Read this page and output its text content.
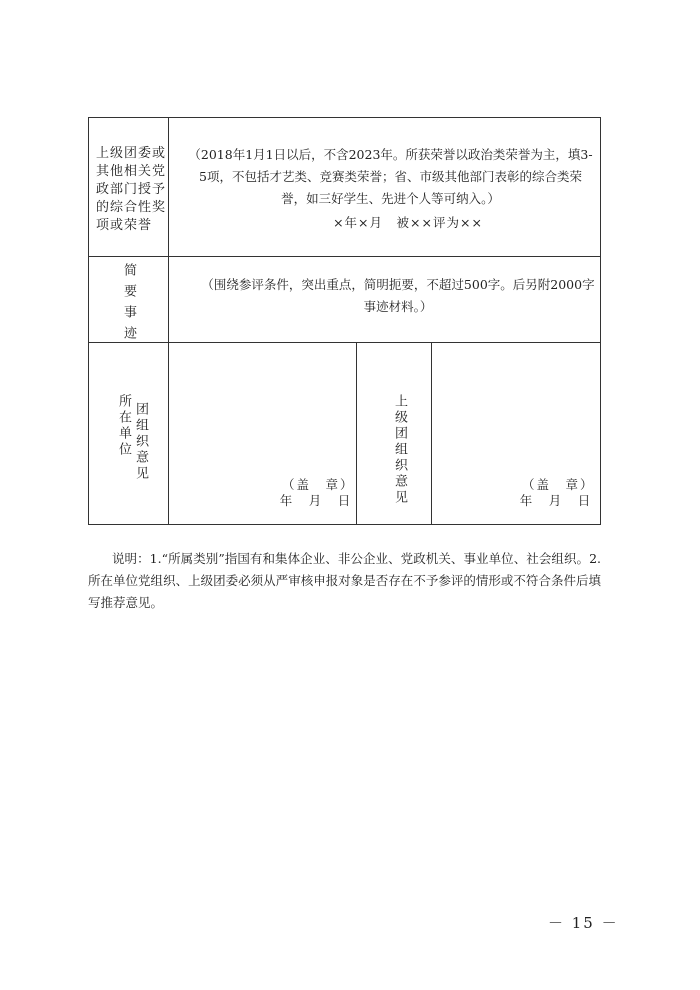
上级团委或其他相关党政部门授予的综合性奖项或荣誉
（2018年1月1日以后，不含2023年。所获荣誉以政治类荣誉为主，填3-5项，不包括才艺类、竞赛类荣誉；省、市级其他部门表彰的综合类荣誉，如三好学生、先进个人等可纳入。）
×年×月　被××评为××
简要事迹	（围绕参评条件，突出重点，简明扼要，不超过500字。后另附2000字事迹材料。）
所在单位 团组织意见	上级团组织意见
（盖　章）
年　月　日
（盖　章）
年　月　日
说明：1.“所属类别”指国有和集体企业、非公企业、党政机关、事业单位、社会组织。2.所在单位党组织、上级团委必须从严审核申报对象是否存在不予参评的情形或不符合条件后填写推荐意见。
－ 15 －
